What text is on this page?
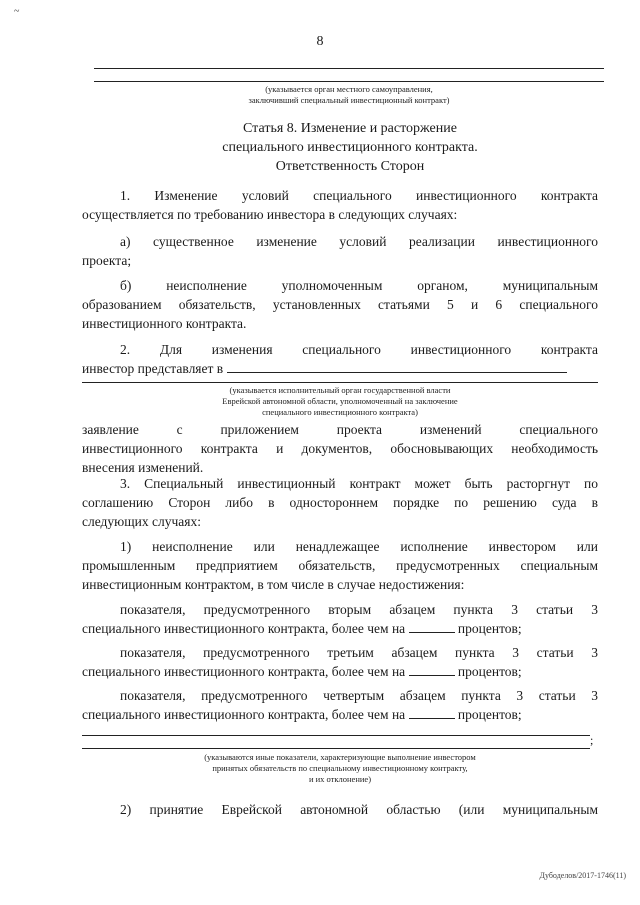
~
8
(указывается орган местного самоуправления,
заключивший специальный инвестиционный контракт)
Статья 8. Изменение и расторжение
специального инвестиционного контракта.
Ответственность Сторон
1. Изменение условий специального инвестиционного контракта
осуществляется по требованию инвестора в следующих случаях:
а) существенное изменение условий реализации инвестиционного
проекта;
б) неисполнение уполномоченным органом, муниципальным
образованием обязательств, установленных статьями 5 и 6 специального
инвестиционного контракта.
2. Для изменения специального инвестиционного контракта
инвестор представляет в
(указывается исполнительный орган государственной власти
Еврейской автономной области, уполномоченный на заключение
специального инвестиционного контракта)
заявление с приложением проекта изменений специального
инвестиционного контракта и документов, обосновывающих необходимость
внесения изменений.
3. Специальный инвестиционный контракт может быть расторгнут по
соглашению Сторон либо в одностороннем порядке по решению суда в
следующих случаях:
1) неисполнение или ненадлежащее исполнение инвестором или
промышленным предприятием обязательств, предусмотренных специальным
инвестиционным контрактом, в том числе в случае недостижения:
показателя, предусмотренного вторым абзацем пункта 3 статьи 3
специального инвестиционного контракта, более чем на	процентов;
показателя, предусмотренного третьим абзацем пункта 3 статьи 3
специального инвестиционного контракта, более чем на	процентов;
показателя, предусмотренного четвертым абзацем пункта 3 статьи 3
специального инвестиционного контракта, более чем на	процентов;
;
(указываются иные показатели, характеризующие выполнение инвестором
принятых обязательств по специальному инвестиционному контракту,
и их отклонение)
2) принятие Еврейской автономной областью (или муниципальным
Дубоделов/2017-1746(11)
